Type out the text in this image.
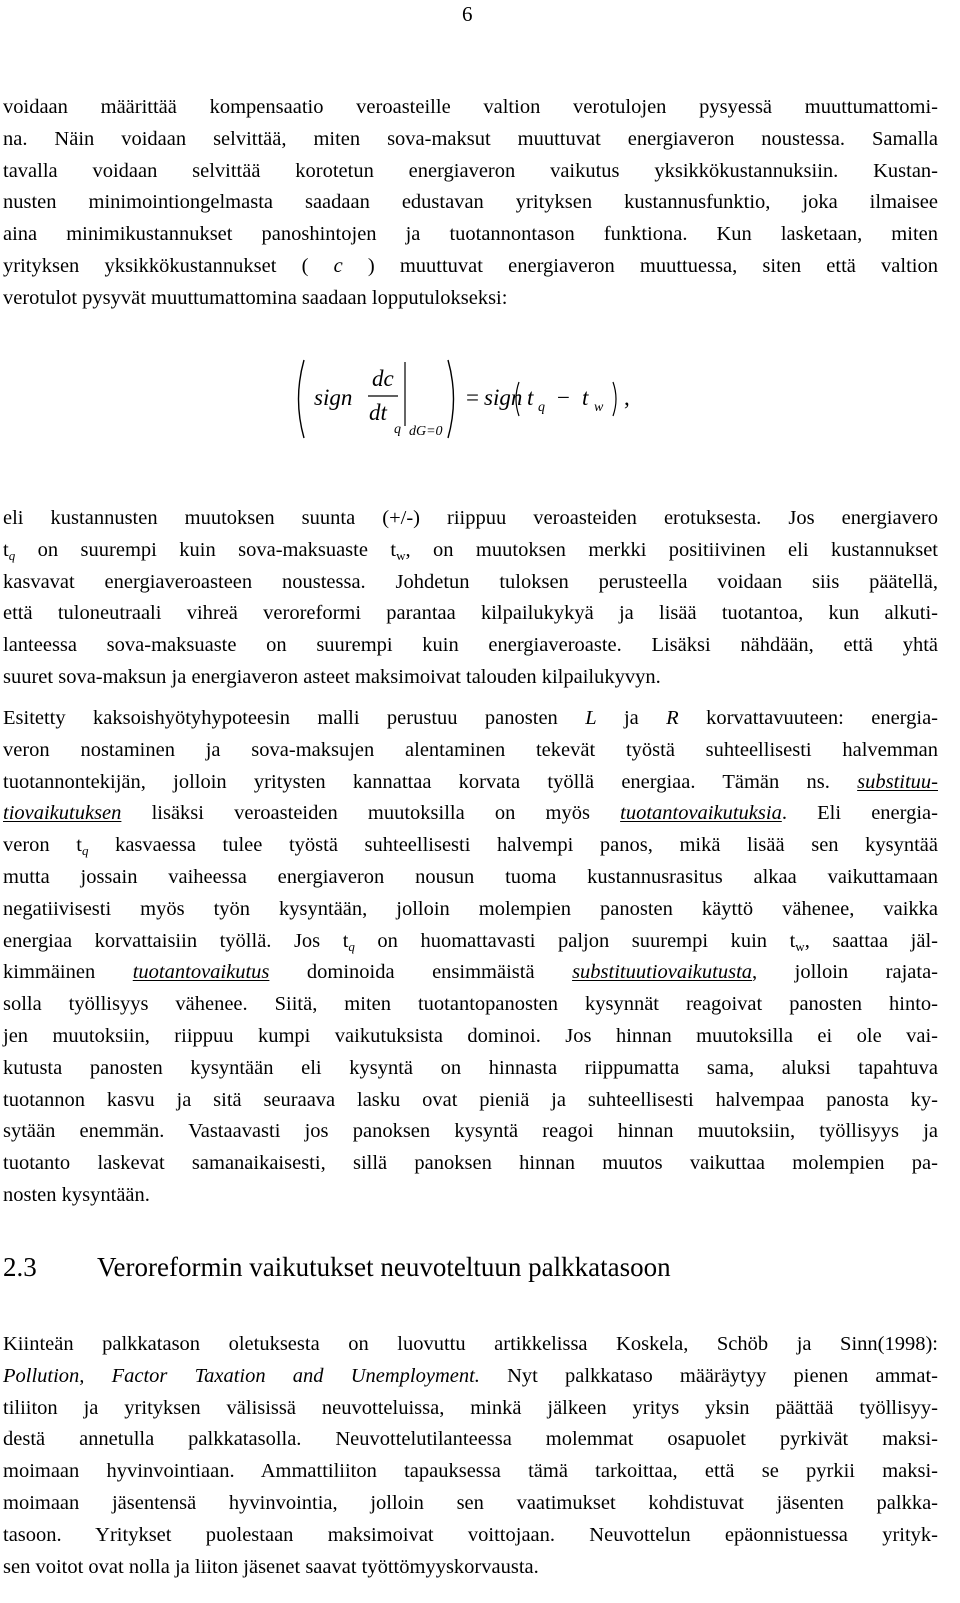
6
voidaan määrittää kompensaatio veroasteille valtion verotulojen pysyessä muuttumattomi-
na. Näin voidaan selvittää, miten sova-maksut muuttuvat energiaveron noustessa. Samalla
tavalla voidaan selvittää korotetun energiaveron vaikutus yksikkökustannuksiin. Kustan-
nusten minimointiongelmasta saadaan edustavan yrityksen kustannusfunktio, joka ilmaisee
aina minimikustannukset panoshintojen ja tuotannontason funktiona. Kun lasketaan, miten
yrityksen yksikkökustannukset ( c ) muuttuvat energiaveron muuttuessa, siten että valtion
verotulot pysyvät muuttumattomina saadaan lopputulokseksi:
sign
dc
dt
q dG=0
= sign t q − t w ,
eli kustannusten muutoksen suunta (+/-) riippuu veroasteiden erotuksesta. Jos energiavero
$t_q$ on suurempi kuin sova-maksuaste $t_w$, on muutoksen merkki positiivinen eli kustannukset
kasvavat energiaveroasteen noustessa. Johdetun tuloksen perusteella voidaan siis päätellä,
että tuloneutraali vihreä veroreformi parantaa kilpailukykyä ja lisää tuotantoa, kun alkuti-
lanteessa sova-maksuaste on suurempi kuin energiaveroaste. Lisäksi nähdään, että yhtä
suuret sova-maksun ja energiaveron asteet maksimoivat talouden kilpailukyvyn.
Esitetty kaksoishyötyhypoteesin malli perustuu panosten L ja R korvattavuuteen: energia-
veron nostaminen ja sova-maksujen alentaminen tekevät työstä suhteellisesti halvemman
tuotannontekijän, jolloin yritysten kannattaa korvata työllä energiaa. Tämän ns. substituu-
tiovaikutuksen lisäksi veroasteiden muutoksilla on myös tuotantovaikutuksia. Eli energia-
veron $t_q$ kasvaessa tulee työstä suhteellisesti halvempi panos, mikä lisää sen kysyntää
mutta jossain vaiheessa energiaveron nousun tuoma kustannusrasitus alkaa vaikuttamaan
negatiivisesti myös työn kysyntään, jolloin molempien panosten käyttö vähenee, vaikka
energiaa korvattaisiin työllä. Jos $t_q$ on huomattavasti paljon suurempi kuin $t_w$, saattaa jäl-
kimmäinen tuotantovaikutus dominoida ensimmäistä substituutiovaikutusta, jolloin rajata-
solla työllisyys vähenee. Siitä, miten tuotantopanosten kysynnät reagoivat panosten hinto-
jen muutoksiin, riippuu kumpi vaikutuksista dominoi. Jos hinnan muutoksilla ei ole vai-
kutusta panosten kysyntään eli kysyntä on hinnasta riippumatta sama, aluksi tapahtuva
tuotannon kasvu ja sitä seuraava lasku ovat pieniä ja suhteellisesti halvempaa panosta ky-
sytään enemmän. Vastaavasti jos panoksen kysyntä reagoi hinnan muutoksiin, työllisyys ja
tuotanto laskevat samanaikaisesti, sillä panoksen hinnan muutos vaikuttaa molempien pa-
nosten kysyntään.
2.3 Veroreformin vaikutukset neuvoteltuun palkkatasoon
Kiinteän palkkatason oletuksesta on luovuttu artikkelissa Koskela, Schöb ja Sinn(1998):
Pollution, Factor Taxation and Unemployment. Nyt palkkataso määräytyy pienen ammat-
tiliiton ja yrityksen välisissä neuvotteluissa, minkä jälkeen yritys yksin päättää työllisyy-
destä annetulla palkkatasolla. Neuvottelutilanteessa molemmat osapuolet pyrkivät maksi-
moimaan hyvinvointiaan. Ammattiliiton tapauksessa tämä tarkoittaa, että se pyrkii maksi-
moimaan jäsentensä hyvinvointia, jolloin sen vaatimukset kohdistuvat jäsenten palkka-
tasoon. Yritykset puolestaan maksimoivat voittojaan. Neuvottelun epäonnistuessa yrityk-
sen voitot ovat nolla ja liiton jäsenet saavat työttömyyskorvausta.
